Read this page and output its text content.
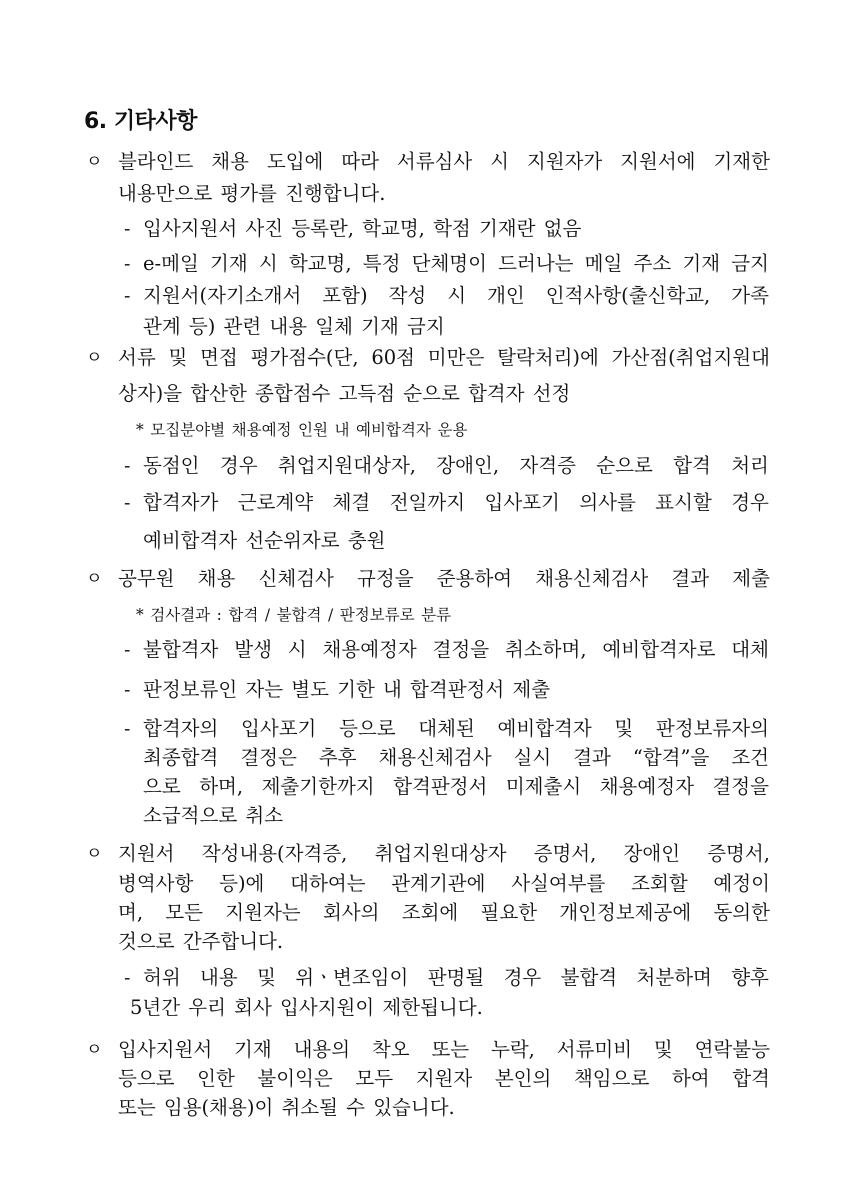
6. 기타사항
ㅇ
ㅇ
ㅇ
ㅇ
ㅇ
-
-
-
-
-
-
-
-
-
블라인드 채용 도입에 따라 서류심사 시 지원자가 지원서에 기재한
내용만으로 평가를 진행합니다.
입사지원서 사진 등록란, 학교명, 학점 기재란 없음
e-메일 기재 시 학교명, 특정 단체명이 드러나는 메일 주소 기재 금지
지원서(자기소개서 포함) 작성 시 개인 인적사항(출신학교, 가족
관계 등) 관련 내용 일체 기재 금지
서류 및 면접 평가점수(단, 60점 미만은 탈락처리)에 가산점(취업지원대
상자)을 합산한 종합점수 고득점 순으로 합격자 선정
* 모집분야별 채용예정 인원 내 예비합격자 운용
동점인 경우 취업지원대상자, 장애인, 자격증 순으로 합격 처리
합격자가 근로계약 체결 전일까지 입사포기 의사를 표시할 경우
예비합격자 선순위자로 충원
공무원 채용 신체검사 규정을 준용하여 채용신체검사 결과 제출
* 검사결과 : 합격 / 불합격 / 판정보류로 분류
불합격자 발생 시 채용예정자 결정을 취소하며, 예비합격자로 대체
판정보류인 자는 별도 기한 내 합격판정서 제출
합격자의 입사포기 등으로 대체된 예비합격자 및 판정보류자의
최종합격 결정은 추후 채용신체검사 실시 결과 “합격”을 조건
으로 하며, 제출기한까지 합격판정서 미제출시 채용예정자 결정을
소급적으로 취소
지원서 작성내용(자격증, 취업지원대상자 증명서, 장애인 증명서,
병역사항 등)에 대하여는 관계기관에 사실여부를 조회할 예정이
며, 모든 지원자는 회사의 조회에 필요한 개인정보제공에 동의한
것으로 간주합니다.
허위 내용 및 위ㆍ변조임이 판명될 경우 불합격 처분하며 향후
5년간 우리 회사 입사지원이 제한됩니다.
입사지원서 기재 내용의 착오 또는 누락, 서류미비 및 연락불능
등으로 인한 불이익은 모두 지원자 본인의 책임으로 하여 합격
또는 임용(채용)이 취소될 수 있습니다.
